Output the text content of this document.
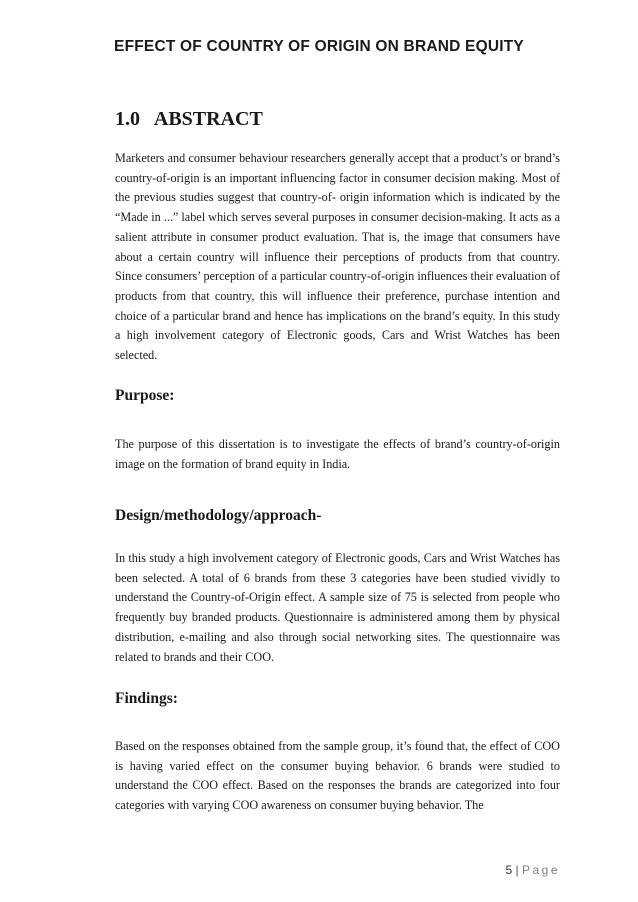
EFFECT OF COUNTRY OF ORIGIN ON BRAND EQUITY
1.0   ABSTRACT

Marketers and consumer behaviour researchers generally accept that a product’s or brand’s country-of-origin is an important influencing factor in consumer decision making. Most of the previous studies suggest that country-of- origin information which is indicated by the “Made in ...” label which serves several purposes in consumer decision-making. It acts as a salient attribute in consumer product evaluation. That is, the image that consumers have about a certain country will influence their perceptions of products from that country. Since consumers’ perception of a particular country-of-origin influences their evaluation of products from that country, this will influence their preference, purchase intention and choice of a particular brand and hence has implications on the brand’s equity. In this study a high involvement category of Electronic goods, Cars and Wrist Watches has been selected.

Purpose:

The purpose of this dissertation is to investigate the effects of brand’s country-of-origin image on the formation of brand equity in India.

Design/methodology/approach-

In this study a high involvement category of Electronic goods, Cars and Wrist Watches has been selected. A total of 6 brands from these 3 categories have been studied vividly to understand the Country-of-Origin effect. A sample size of 75 is selected from people who frequently buy branded products. Questionnaire is administered among them by physical distribution, e-mailing and also through social networking sites. The questionnaire was related to brands and their COO.

Findings:

Based on the responses obtained from the sample group, it’s found that, the effect of COO is having varied effect on the consumer buying behavior. 6 brands were studied to understand the COO effect. Based on the responses the brands are categorized into four categories with varying COO awareness on consumer buying behavior. The

5 | Page
